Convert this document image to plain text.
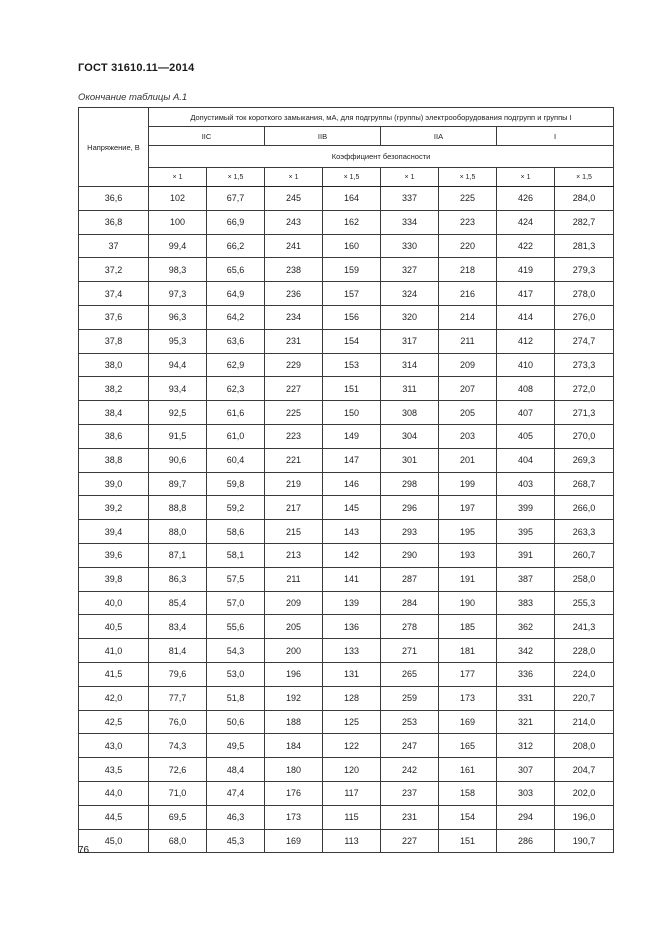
ГОСТ 31610.11—2014
Окончание таблицы А.1
Напряжение, В	Допустимый ток короткого замыкания, мА, для подгруппы (группы) электрооборудования подгрупп и группы I							
	IIC		IIB		IIA		I	
	Коэффициент безопасности							
	× 1	× 1,5	× 1	× 1,5	× 1	× 1,5	× 1	× 1,5
36,6	102	67,7	245	164	337	225	426	284,0
36,8	100	66,9	243	162	334	223	424	282,7
37	99,4	66,2	241	160	330	220	422	281,3
37,2	98,3	65,6	238	159	327	218	419	279,3
37,4	97,3	64,9	236	157	324	216	417	278,0
37,6	96,3	64,2	234	156	320	214	414	276,0
37,8	95,3	63,6	231	154	317	211	412	274,7
38,0	94,4	62,9	229	153	314	209	410	273,3
38,2	93,4	62,3	227	151	311	207	408	272,0
38,4	92,5	61,6	225	150	308	205	407	271,3
38,6	91,5	61,0	223	149	304	203	405	270,0
38,8	90,6	60,4	221	147	301	201	404	269,3
39,0	89,7	59,8	219	146	298	199	403	268,7
39,2	88,8	59,2	217	145	296	197	399	266,0
39,4	88,0	58,6	215	143	293	195	395	263,3
39,6	87,1	58,1	213	142	290	193	391	260,7
39,8	86,3	57,5	211	141	287	191	387	258,0
40,0	85,4	57,0	209	139	284	190	383	255,3
40,5	83,4	55,6	205	136	278	185	362	241,3
41,0	81,4	54,3	200	133	271	181	342	228,0
41,5	79,6	53,0	196	131	265	177	336	224,0
42,0	77,7	51,8	192	128	259	173	331	220,7
42,5	76,0	50,6	188	125	253	169	321	214,0
43,0	74,3	49,5	184	122	247	165	312	208,0
43,5	72,6	48,4	180	120	242	161	307	204,7
44,0	71,0	47,4	176	117	237	158	303	202,0
44,5	69,5	46,3	173	115	231	154	294	196,0
45,0	68,0	45,3	169	113	227	151	286	190,7
76
